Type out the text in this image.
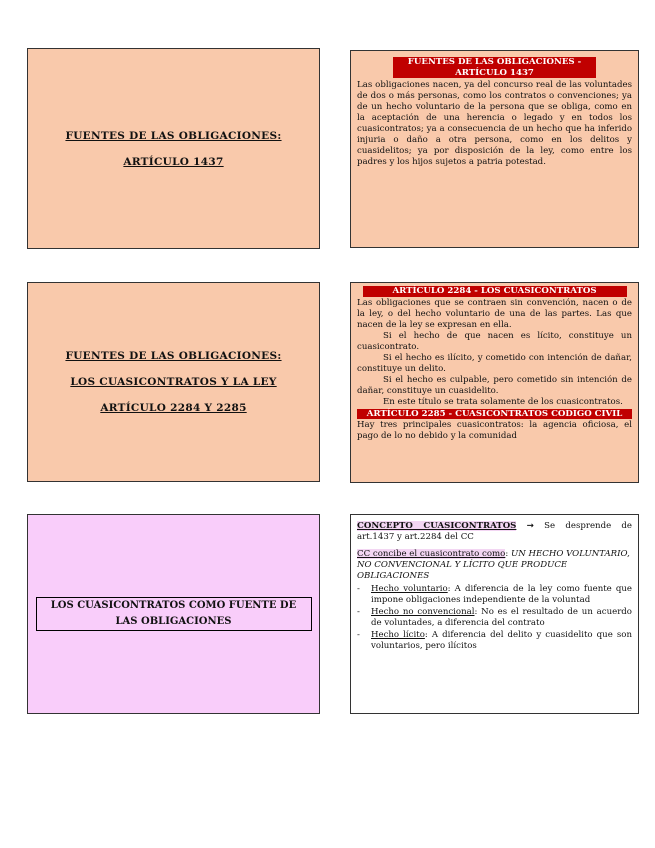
FUENTES DE LAS OBLIGACIONES:
ARTÍCULO 1437
FUENTES DE LAS OBLIGACIONES - ARTÍCULO 1437

Las obligaciones nacen, ya del concurso real de las voluntades de dos o más personas, como los contratos o convenciones; ya de un hecho voluntario de la persona que se obliga, como en la aceptación de una herencia o legado y en todos los cuasicontratos; ya a consecuencia de un hecho que ha inferido injuria o daño a otra persona, como en los delitos y cuasidelitos; ya por disposición de la ley, como entre los padres y los hijos sujetos a patria potestad.

FUENTES DE LAS OBLIGACIONES:
LOS CUASICONTRATOS Y LA LEY
ARTÍCULO 2284 Y 2285
ARTÍCULO 2284 - LOS CUASICONTRATOS

Las obligaciones que se contraen sin convención, nacen o de la ley, o del hecho voluntario de una de las partes. Las que nacen de la ley se expresan en ella.

Si el hecho de que nacen es lícito, constituye un cuasicontrato.

Si el hecho es ilícito, y cometido con intención de dañar, constituye un delito.

Si el hecho es culpable, pero cometido sin intención de dañar, constituye un cuasidelito.

En este título se trata solamente de los cuasicontratos.

ARTÍCULO 2285 - CUASICONTRATOS CODIGO CIVIL

Hay tres principales cuasicontratos: la agencia oficiosa, el pago de lo no debido y la comunidad

LOS CUASICONTRATOS COMO FUENTE DE LAS OBLIGACIONES

CONCEPTO CUASICONTRATOS → Se desprende de art.1437 y art.2284 del CC

CC concibe el cuasicontrato como: UN HECHO VOLUNTARIO, NO CONVENCIONAL Y LÍCITO QUE PRODUCE OBLIGACIONES

-	Hecho voluntario: A diferencia de la ley como fuente que impone obligaciones independiente de la voluntad
-	Hecho no convencional: No es el resultado de un acuerdo de voluntades, a diferencia del contrato
-	Hecho lícito: A diferencia del delito y cuasidelito que son voluntarios, pero ilícitos
